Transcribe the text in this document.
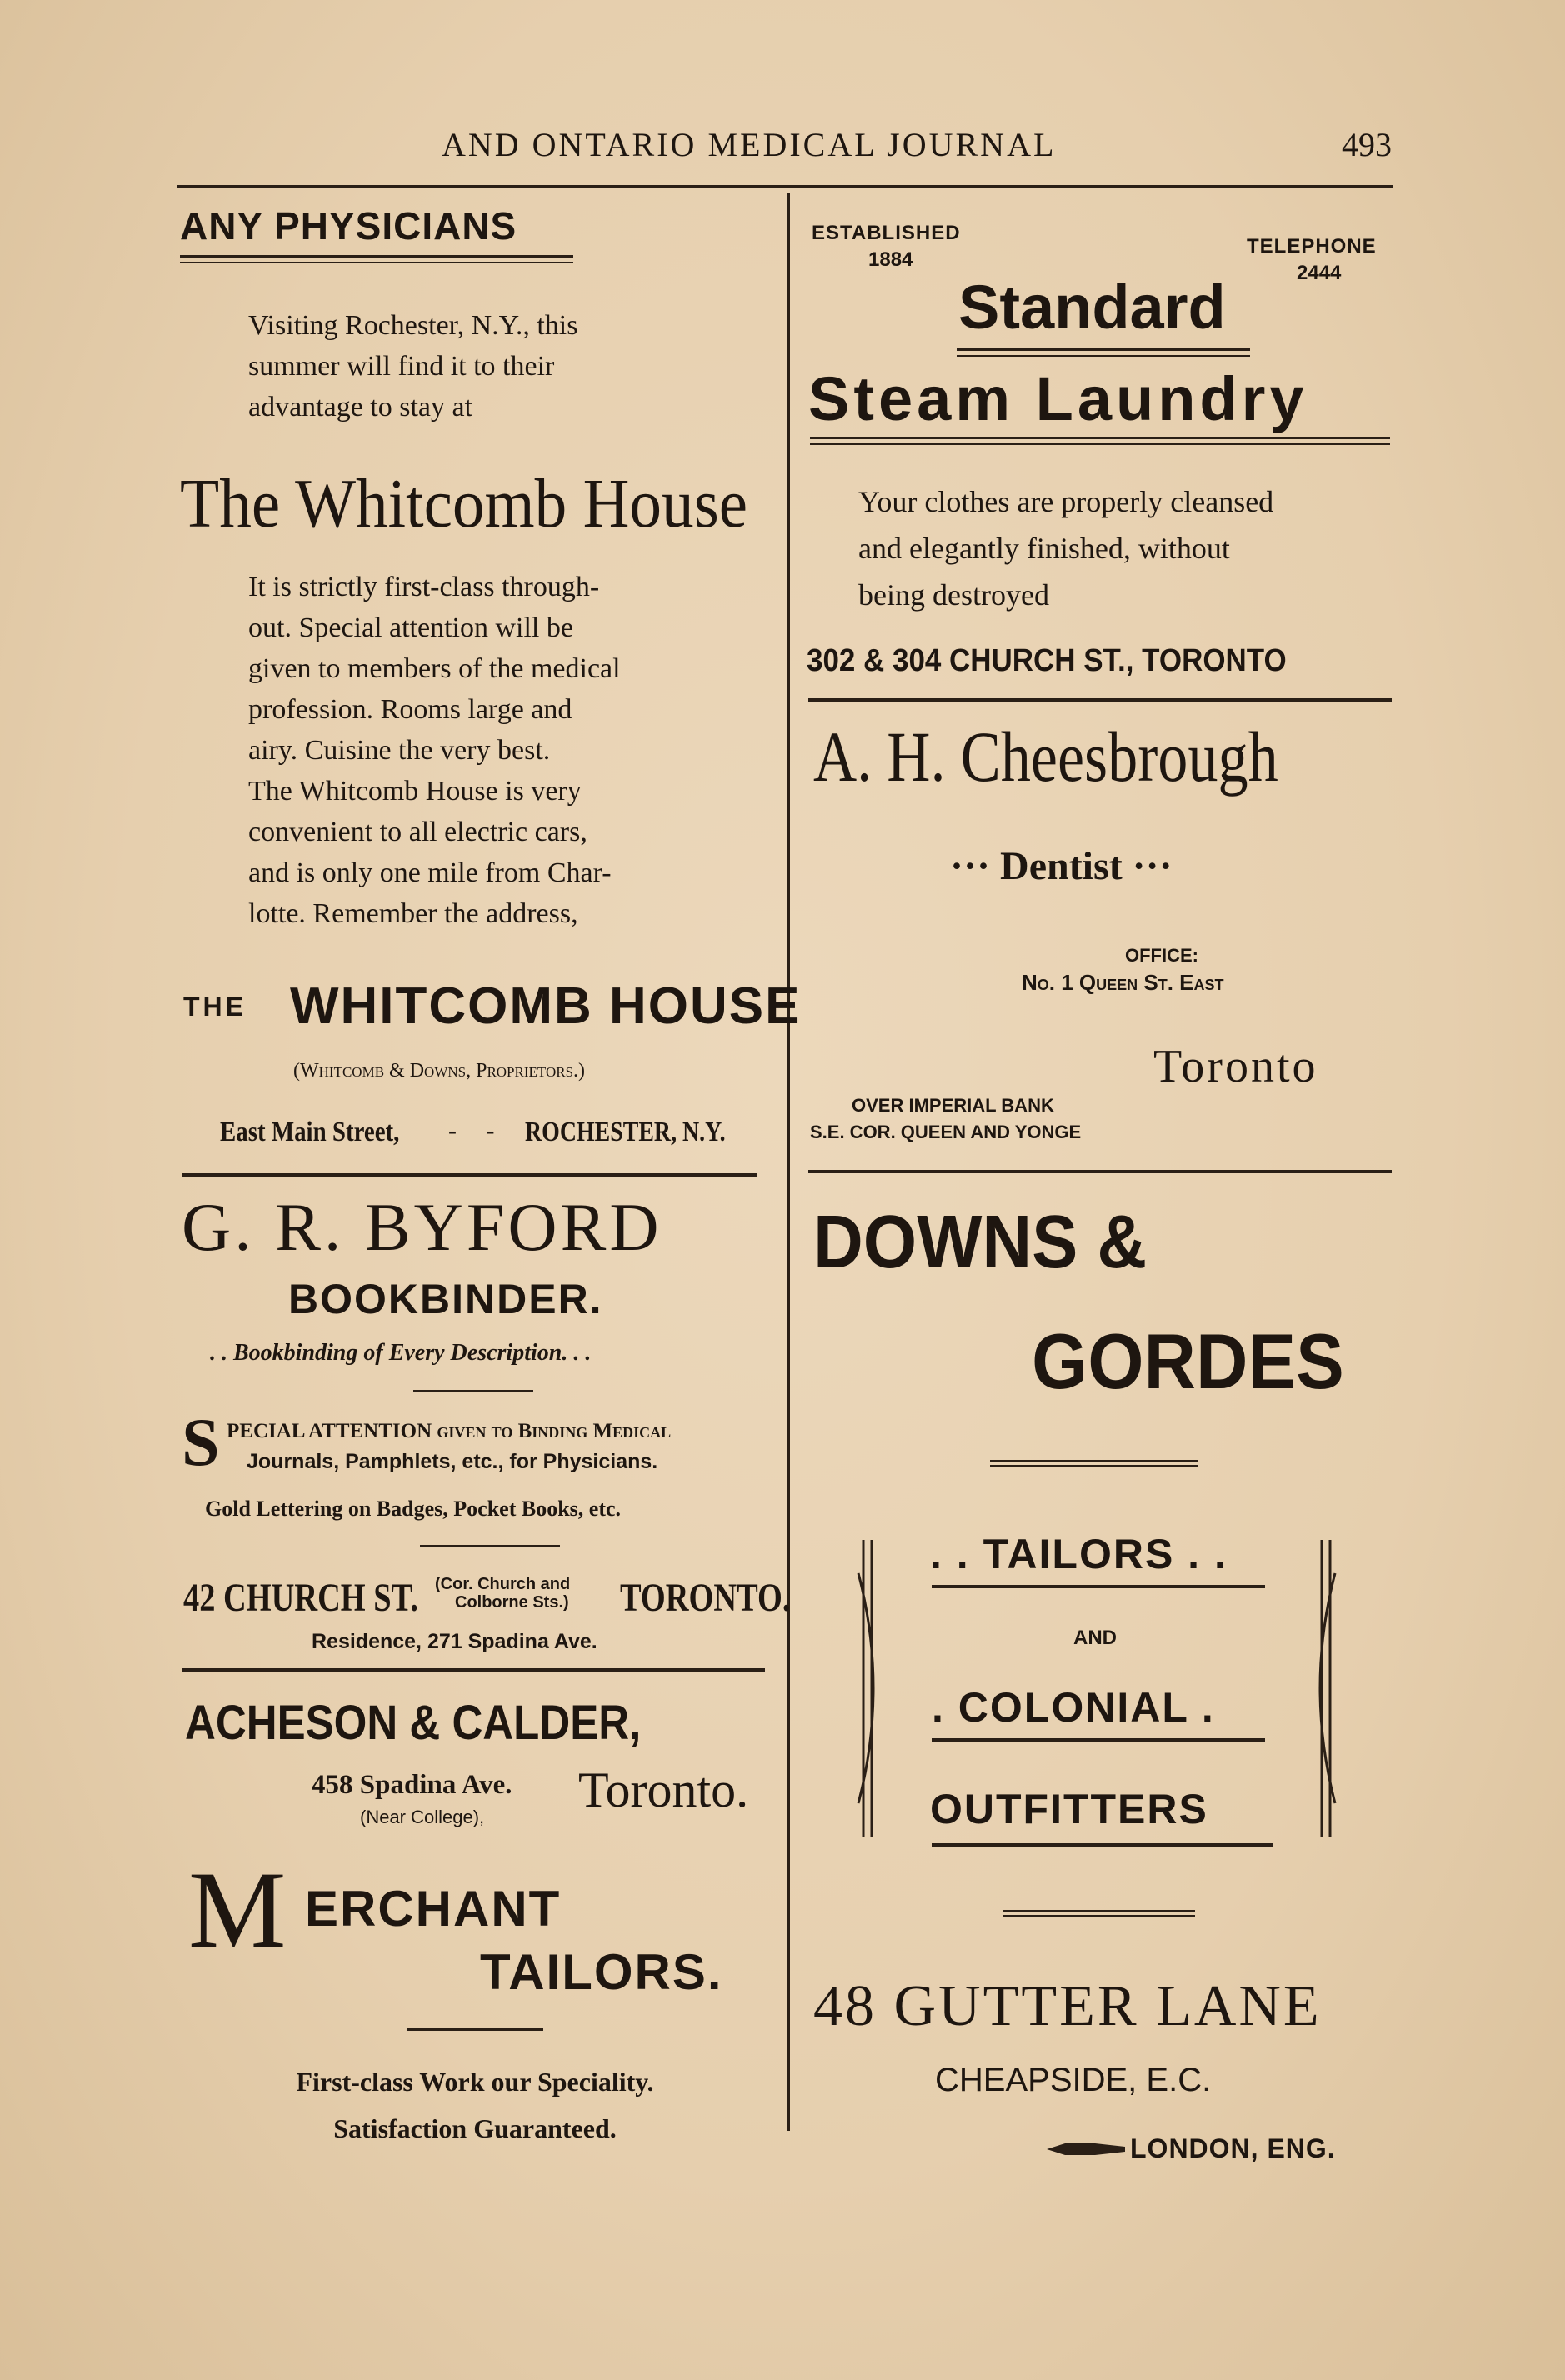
AND ONTARIO MEDICAL JOURNAL	493
ANY PHYSICIANS
Visiting Rochester, N.Y., this
summer will find it to their
advantage to stay at
The Whitcomb House
It is strictly first-class through-
out. Special attention will be
given to members of the medical
profession. Rooms large and
airy. Cuisine the very best.
The Whitcomb House is very
convenient to all electric cars,
and is only one mile from Char-
lotte. Remember the address,
THE WHITCOMB HOUSE
(Whitcomb & Downs, Proprietors.)
East Main Street, - - ROCHESTER, N.Y.
G. R. BYFORD
BOOKBINDER.
. . Bookbinding of Every Description. . .
S PECIAL ATTENTION given to Binding Medical
Journals, Pamphlets, etc., for Physicians.
Gold Lettering on Badges, Pocket Books, etc.
42 CHURCH ST. (Cor. Church and
Colborne Sts.) TORONTO.
Residence, 271 Spadina Ave.
ACHESON & CALDER,
458 Spadina Ave.
(Near College), Toronto.
M ERCHANT
TAILORS.
First-class Work our Speciality.
Satisfaction Guaranteed.
ESTABLISHED
1884
TELEPHONE
2444
Standard
Steam Laundry
Your clothes are properly cleansed
and elegantly finished, without
being destroyed
302 & 304 CHURCH ST., TORONTO
A. H. Cheesbrough
··· Dentist ···
OFFICE:
No. 1 Queen St. East
Toronto
OVER IMPERIAL BANK
S.E. COR. QUEEN AND YONGE
DOWNS &
GORDES
. . TAILORS . .
AND
. COLONIAL .
OUTFITTERS
48 GUTTER LANE
CHEAPSIDE, E.C.
LONDON, ENG.
